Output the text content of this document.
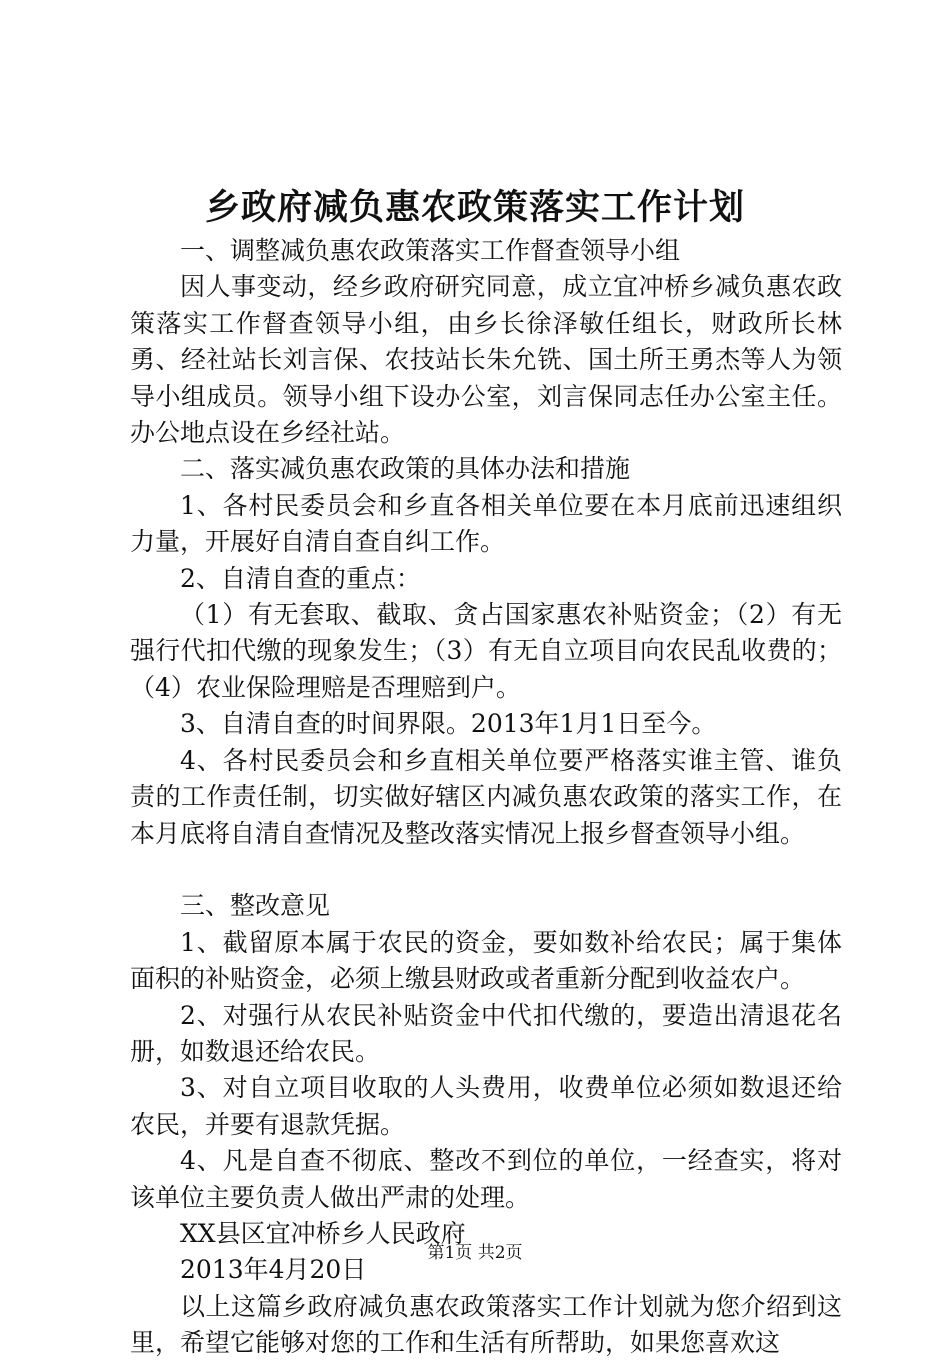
乡政府减负惠农政策落实工作计划

一、调整减负惠农政策落实工作督查领导小组

因人事变动，经乡政府研究同意，成立宜冲桥乡减负惠农政策落实工作督查领导小组，由乡长徐泽敏任组长，财政所长林勇、经社站长刘言保、农技站长朱允铣、国土所王勇杰等人为领导小组成员。领导小组下设办公室，刘言保同志任办公室主任。办公地点设在乡经社站。

二、落实减负惠农政策的具体办法和措施

1、各村民委员会和乡直各相关单位要在本月底前迅速组织力量，开展好自清自查自纠工作。

2、自清自查的重点：

（1）有无套取、截取、贪占国家惠农补贴资金；（2）有无强行代扣代缴的现象发生；（3）有无自立项目向农民乱收费的；（4）农业保险理赔是否理赔到户。

3、自清自查的时间界限。2013年1月1日至今。

4、各村民委员会和乡直相关单位要严格落实谁主管、谁负责的工作责任制，切实做好辖区内减负惠农政策的落实工作，在本月底将自清自查情况及整改落实情况上报乡督查领导小组。

三、整改意见

1、截留原本属于农民的资金，要如数补给农民；属于集体面积的补贴资金，必须上缴县财政或者重新分配到收益农户。

2、对强行从农民补贴资金中代扣代缴的，要造出清退花名册，如数退还给农民。

3、对自立项目收取的人头费用，收费单位必须如数退还给农民，并要有退款凭据。

4、凡是自查不彻底、整改不到位的单位，一经查实，将对该单位主要负责人做出严肃的处理。

XX县区宜冲桥乡人民政府

2013年4月20日

以上这篇乡政府减负惠农政策落实工作计划就为您介绍到这里，希望它能够对您的工作和生活有所帮助，如果您喜欢这

第1页 共2页
